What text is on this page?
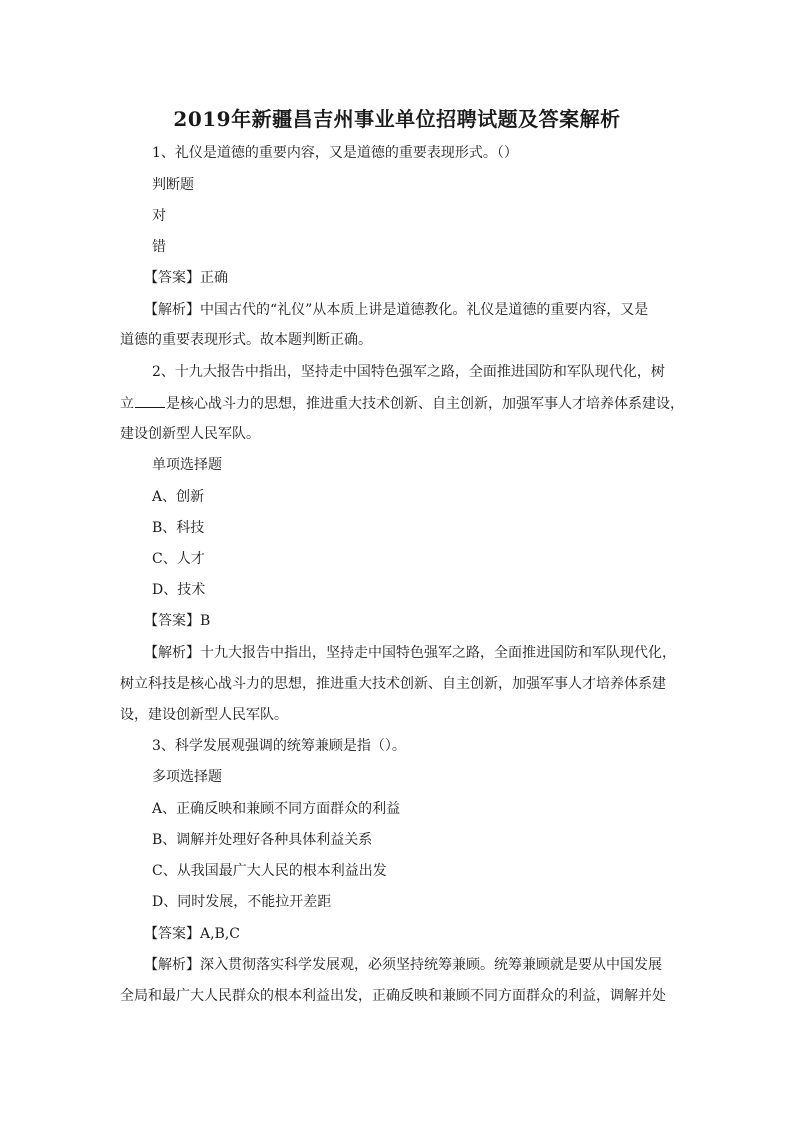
2019年新疆昌吉州事业单位招聘试题及答案解析
1、礼仪是道德的重要内容，又是道德的重要表现形式。（）
判断题
对
错
【答案】正确
【解析】中国古代的“礼仪”从本质上讲是道德教化。礼仪是道德的重要内容，又是
道德的重要表现形式。故本题判断正确。
2、十九大报告中指出，坚持走中国特色强军之路，全面推进国防和军队现代化，树
立 是核心战斗力的思想，推进重大技术创新、自主创新，加强军事人才培养体系建设，
建设创新型人民军队。
单项选择题
A、创新
B、科技
C、人才
D、技术
【答案】B
【解析】十九大报告中指出，坚持走中国特色强军之路，全面推进国防和军队现代化，
树立科技是核心战斗力的思想，推进重大技术创新、自主创新，加强军事人才培养体系建
设，建设创新型人民军队。
3、科学发展观强调的统筹兼顾是指（）。
多项选择题
A、正确反映和兼顾不同方面群众的利益
B、调解并处理好各种具体利益关系
C、从我国最广大人民的根本利益出发
D、同时发展，不能拉开差距
【答案】A,B,C
【解析】深入贯彻落实科学发展观，必须坚持统筹兼顾。统筹兼顾就是要从中国发展
全局和最广大人民群众的根本利益出发，正确反映和兼顾不同方面群众的利益，调解并处
